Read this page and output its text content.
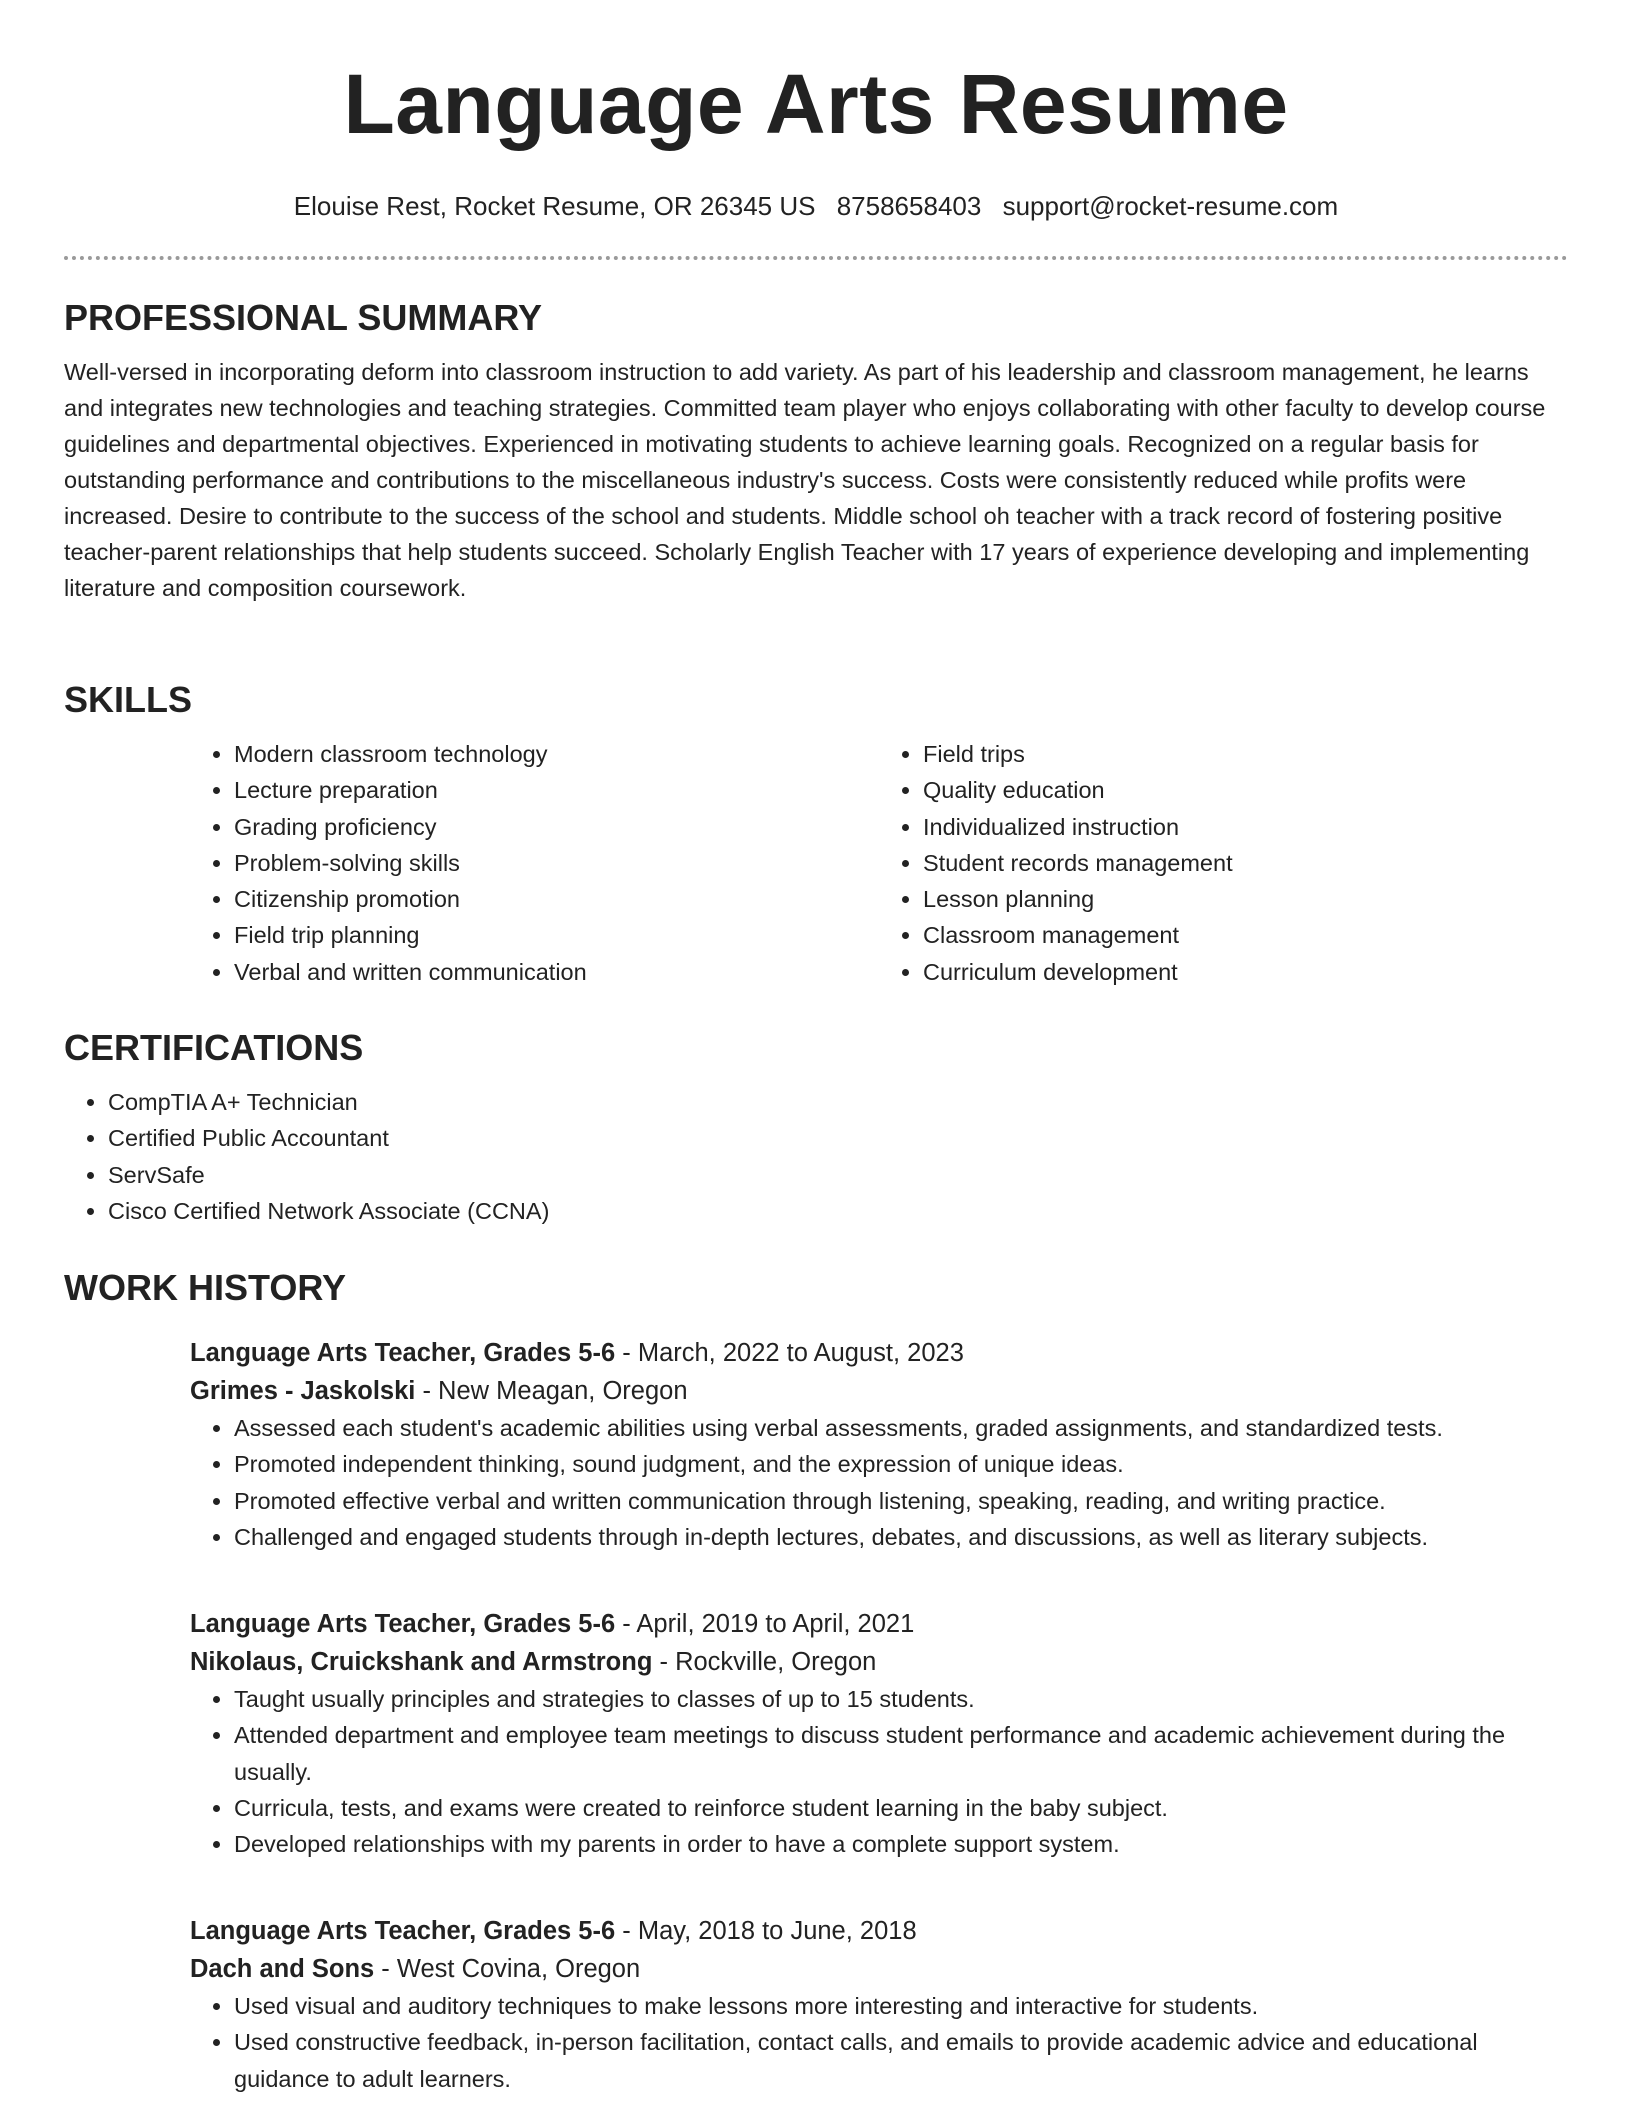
Language Arts Resume
Elouise Rest, Rocket Resume, OR 26345 US 8758658403 support@rocket-resume.com
PROFESSIONAL SUMMARY

Well-versed in incorporating deform into classroom instruction to add variety. As part of his leadership and classroom management, he learns and integrates new technologies and teaching strategies. Committed team player who enjoys collaborating with other faculty to develop course guidelines and departmental objectives. Experienced in motivating students to achieve learning goals. Recognized on a regular basis for outstanding performance and contributions to the miscellaneous industry's success. Costs were consistently reduced while profits were increased. Desire to contribute to the success of the school and students. Middle school oh teacher with a track record of fostering positive teacher-parent relationships that help students succeed. Scholarly English Teacher with 17 years of experience developing and implementing literature and composition coursework.

SKILLS
• Modern classroom technology
• Lecture preparation
• Grading proficiency
• Problem-solving skills
• Citizenship promotion
• Field trip planning
• Verbal and written communication
• Field trips
• Quality education
• Individualized instruction
• Student records management
• Lesson planning
• Classroom management
• Curriculum development
CERTIFICATIONS
• CompTIA A+ Technician
• Certified Public Accountant
• ServSafe
• Cisco Certified Network Associate (CCNA)
WORK HISTORY
Language Arts Teacher, Grades 5-6 - March, 2022 to August, 2023
Grimes - Jaskolski - New Meagan, Oregon
• Assessed each student's academic abilities using verbal assessments, graded assignments, and standardized tests.
• Promoted independent thinking, sound judgment, and the expression of unique ideas.
• Promoted effective verbal and written communication through listening, speaking, reading, and writing practice.
• Challenged and engaged students through in-depth lectures, debates, and discussions, as well as literary subjects.
Language Arts Teacher, Grades 5-6 - April, 2019 to April, 2021
Nikolaus, Cruickshank and Armstrong - Rockville, Oregon
• Taught usually principles and strategies to classes of up to 15 students.
• Attended department and employee team meetings to discuss student performance and academic achievement during the usually.
• Curricula, tests, and exams were created to reinforce student learning in the baby subject.
• Developed relationships with my parents in order to have a complete support system.
Language Arts Teacher, Grades 5-6 - May, 2018 to June, 2018
Dach and Sons - West Covina, Oregon
• Used visual and auditory techniques to make lessons more interesting and interactive for students.
• Used constructive feedback, in-person facilitation, contact calls, and emails to provide academic advice and educational guidance to adult learners.
